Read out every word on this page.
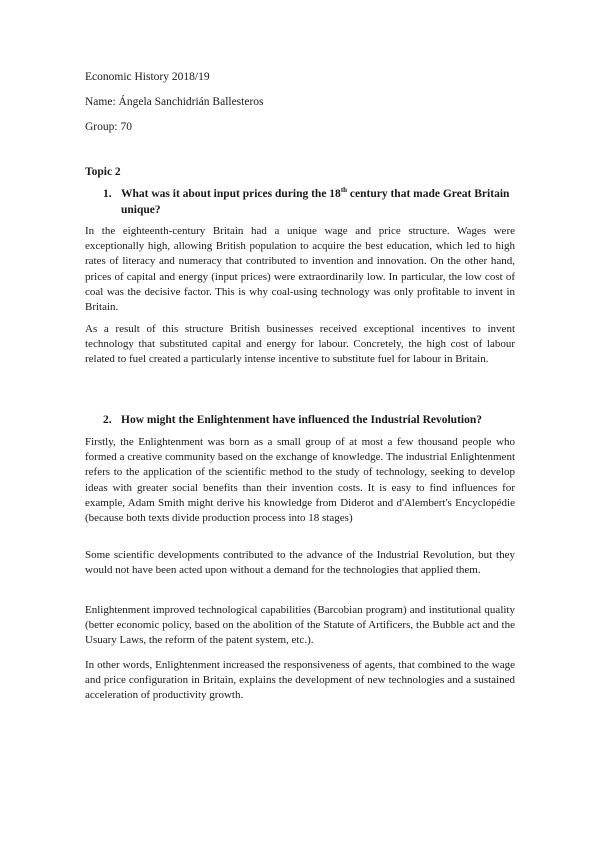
Economic History 2018/19
Name: Ángela Sanchidrián Ballesteros
Group: 70
Topic 2
1. What was it about input prices during the 18th century that made Great Britain unique?

In the eighteenth-century Britain had a unique wage and price structure. Wages were exceptionally high, allowing British population to acquire the best education, which led to high rates of literacy and numeracy that contributed to invention and innovation. On the other hand, prices of capital and energy (input prices) were extraordinarily low. In particular, the low cost of coal was the decisive factor. This is why coal-using technology was only profitable to invent in Britain.

As a result of this structure British businesses received exceptional incentives to invent technology that substituted capital and energy for labour. Concretely, the high cost of labour related to fuel created a particularly intense incentive to substitute fuel for labour in Britain.

2. How might the Enlightenment have influenced the Industrial Revolution?

Firstly, the Enlightenment was born as a small group of at most a few thousand people who formed a creative community based on the exchange of knowledge. The industrial Enlightenment refers to the application of the scientific method to the study of technology, seeking to develop ideas with greater social benefits than their invention costs. It is easy to find influences for example, Adam Smith might derive his knowledge from Diderot and d'Alembert's Encyclopédie (because both texts divide production process into 18 stages)

Some scientific developments contributed to the advance of the Industrial Revolution, but they would not have been acted upon without a demand for the technologies that applied them.

Enlightenment improved technological capabilities (Barcobian program) and institutional quality (better economic policy, based on the abolition of the Statute of Artificers, the Bubble act and the Usuary Laws, the reform of the patent system, etc.).

In other words, Enlightenment increased the responsiveness of agents, that combined to the wage and price configuration in Britain, explains the development of new technologies and a sustained acceleration of productivity growth.
